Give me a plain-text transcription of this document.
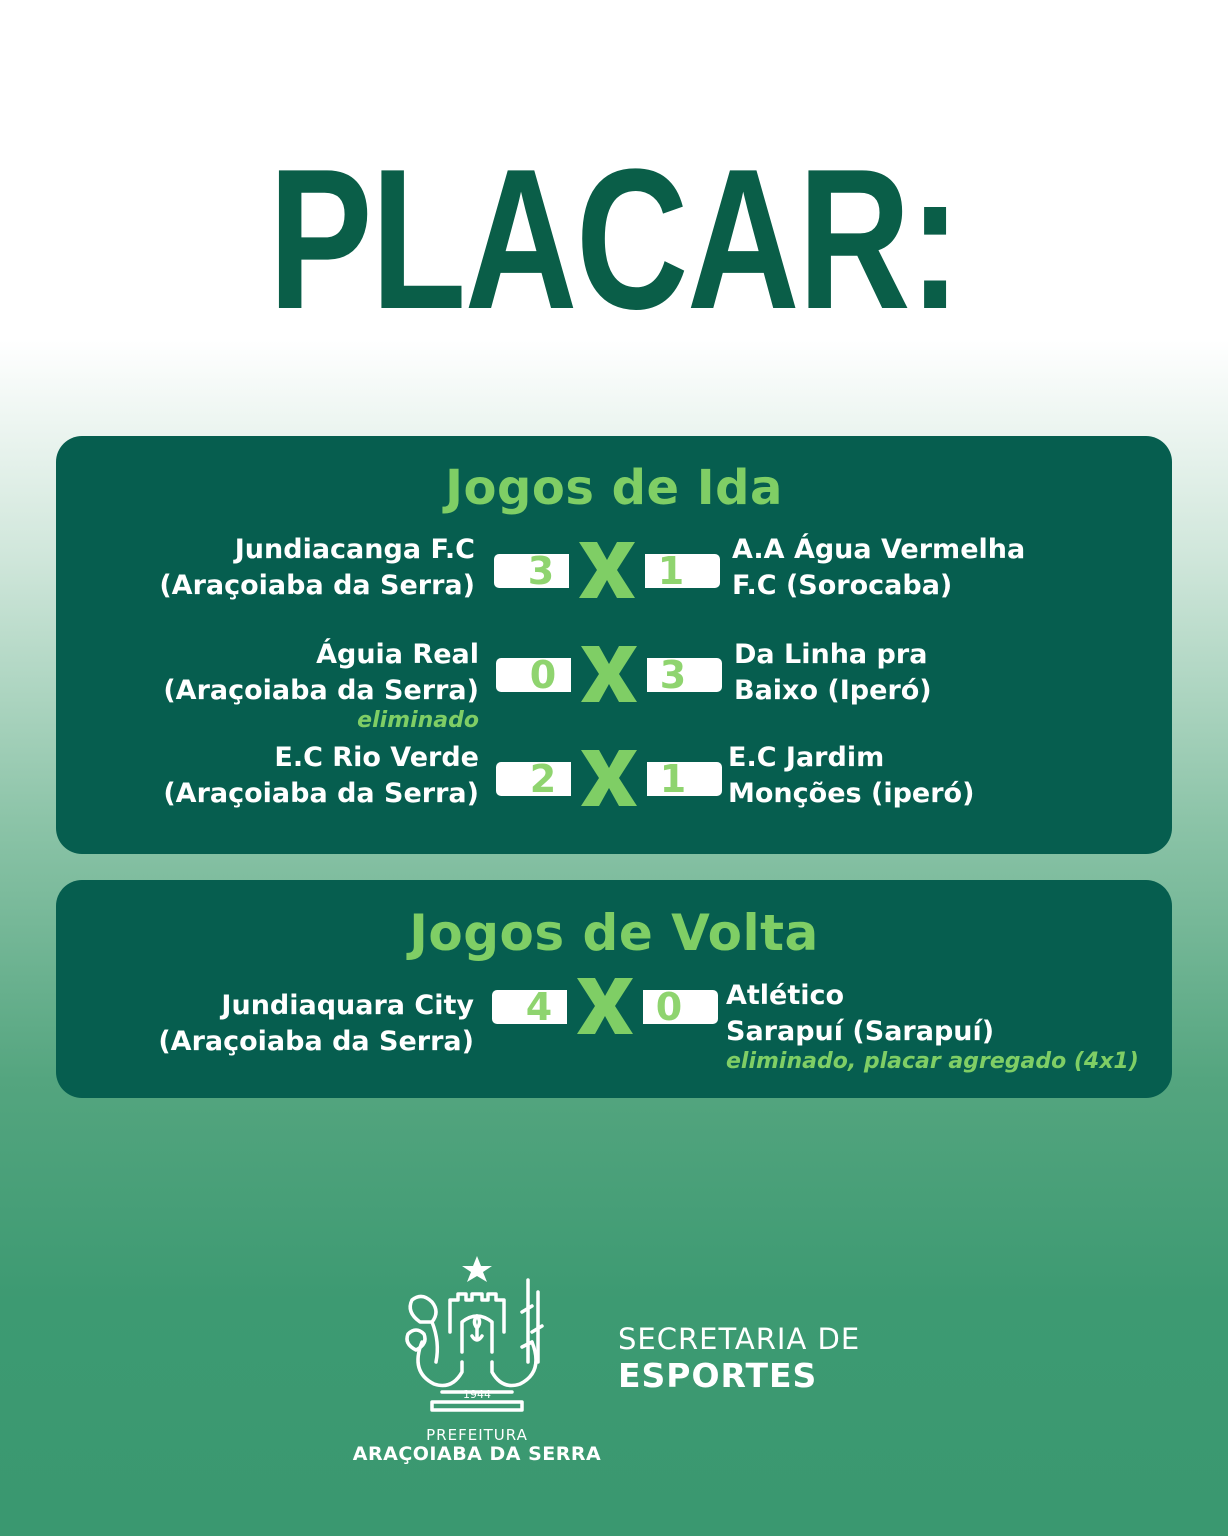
PLACAR:
Jogos de Ida
Jundiacanga F.C
(Araçoiaba da Serra)	3	1	A.A Água Vermelha
F.C (Sorocaba)
Águia Real
(Araçoiaba da Serra)
eliminado
0	3	Da Linha pra
Baixo (Iperó)
E.C Rio Verde
(Araçoiaba da Serra)	2	1	E.C Jardim
Monções (iperó)
Jogos de Volta
Jundiaquara City
(Araçoiaba da Serra)
4	0	Atlético
Sarapuí (Sarapuí)
eliminado, placar agregado (4x1)
1944
PREFEITURA
ARAÇOIABA DA SERRA
SECRETARIA DE
ESPORTES
